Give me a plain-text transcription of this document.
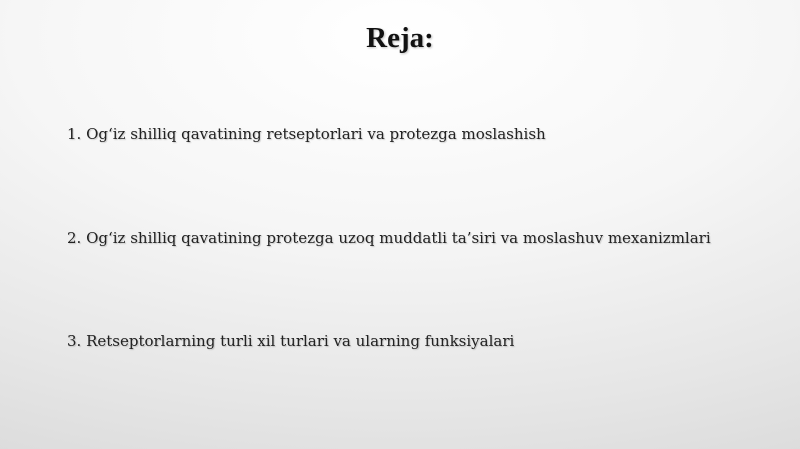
Reja:
1. Og‘iz shilliq qavatining retseptorlari va protezga moslashish
2. Og‘iz shilliq qavatining protezga uzoq muddatli ta’siri va moslashuv mexanizmlari
3. Retseptorlarning turli xil turlari va ularning funksiyalari
